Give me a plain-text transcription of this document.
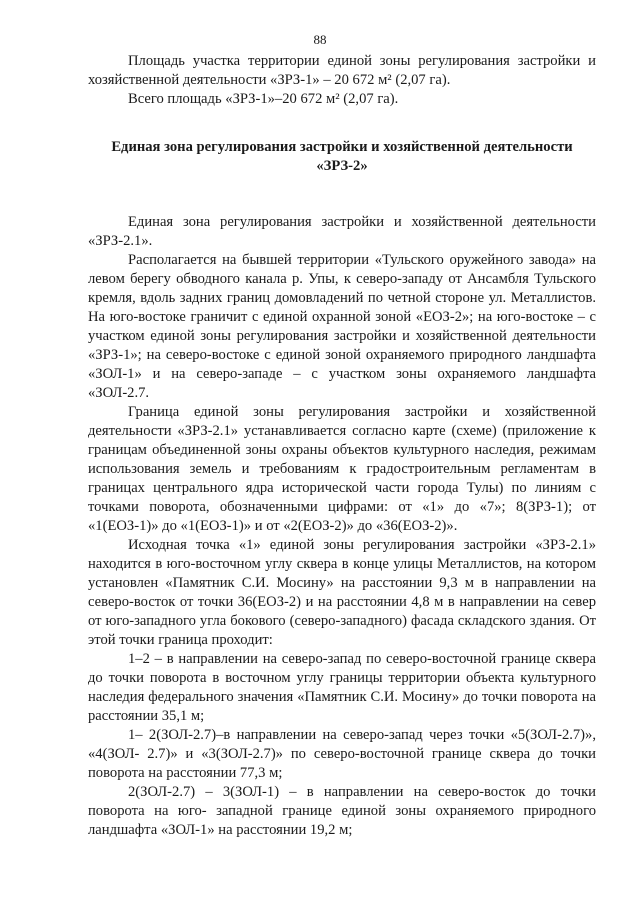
88

Площадь участка территории единой зоны регулирования застройки и хозяйственной деятельности «ЗРЗ-1» – 20 672 м² (2,07 га).

Всего площадь «ЗРЗ-1»–20 672 м² (2,07 га).

Единая зона регулирования застройки и хозяйственной деятельности «ЗРЗ-2»

Единая зона регулирования застройки и хозяйственной деятельности «ЗРЗ-2.1».

Располагается на бывшей территории «Тульского оружейного завода» на левом берегу обводного канала р. Упы, к северо-западу от Ансамбля Тульского кремля, вдоль задних границ домовладений по четной стороне ул. Металлистов. На юго-востоке граничит с единой охранной зоной «ЕОЗ-2»; на юго-востоке – с участком единой зоны регулирования застройки и хозяйственной деятельности «ЗРЗ-1»; на северо-востоке с единой зоной охраняемого природного ландшафта «ЗОЛ-1» и на северо-западе – с участком зоны охраняемого ландшафта «ЗОЛ-2.7.

Граница единой зоны регулирования застройки и хозяйственной деятельности «ЗРЗ-2.1» устанавливается согласно карте (схеме) (приложение к границам объединенной зоны охраны объектов культурного наследия, режимам использования земель и требованиям к градостроительным регламентам в границах центрального ядра исторической части города Тулы) по линиям с точками поворота, обозначенными цифрами: от «1» до «7»; 8(ЗРЗ-1); от «1(ЕОЗ-1)» до «1(ЕОЗ-1)» и от «2(ЕОЗ-2)» до «36(ЕОЗ-2)».

Исходная точка «1» единой зоны регулирования застройки «ЗРЗ-2.1» находится в юго-восточном углу сквера в конце улицы Металлистов, на котором установлен «Памятник С.И. Мосину» на расстоянии 9,3 м в направлении на северо-восток от точки 36(ЕОЗ-2) и на расстоянии 4,8 м в направлении на север от юго-западного угла бокового (северо-западного) фасада складского здания. От этой точки граница проходит:

1–2 – в направлении на северо-запад по северо-восточной границе сквера до точки поворота в восточном углу границы территории объекта культурного наследия федерального значения «Памятник С.И. Мосину» до точки поворота на расстоянии 35,1 м;

1– 2(ЗОЛ-2.7)–в направлении на северо-запад через точки «5(ЗОЛ-2.7)», «4(ЗОЛ- 2.7)» и «3(ЗОЛ-2.7)» по северо-восточной границе сквера до точки поворота на расстоянии 77,3 м;

2(ЗОЛ-2.7) – 3(ЗОЛ-1) – в направлении на северо-восток до точки поворота на юго- западной границе единой зоны охраняемого природного ландшафта «ЗОЛ-1» на расстоянии 19,2 м;
